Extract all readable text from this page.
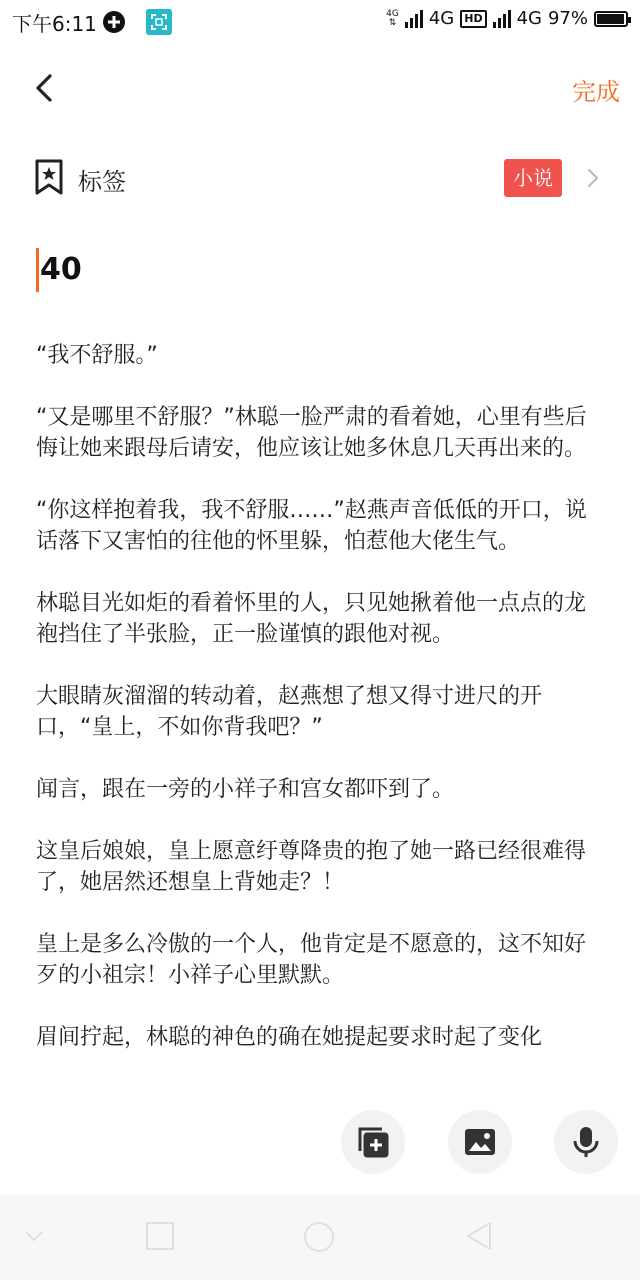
下午6:11	4G
⇅ 4G HD 4G 97%
完成
标签	小说
40

“我不舒服。”

“又是哪里不舒服？”林聪一脸严肃的看着她，心里有些后悔让她来跟母后请安，他应该让她多休息几天再出来的。

“你这样抱着我，我不舒服……”赵燕声音低低的开口，说话落下又害怕的往他的怀里躲，怕惹他大佬生气。

林聪目光如炬的看着怀里的人，只见她揪着他一点点的龙袍挡住了半张脸，正一脸谨慎的跟他对视。

大眼睛灰溜溜的转动着，赵燕想了想又得寸进尺的开口，“皇上，不如你背我吧？”

闻言，跟在一旁的小祥子和宫女都吓到了。

这皇后娘娘，皇上愿意纡尊降贵的抱了她一路已经很难得了，她居然还想皇上背她走？！

皇上是多么冷傲的一个人，他肯定是不愿意的，这不知好歹的小祖宗！小祥子心里默默。

眉间拧起，林聪的神色的确在她提起要求时起了变化
